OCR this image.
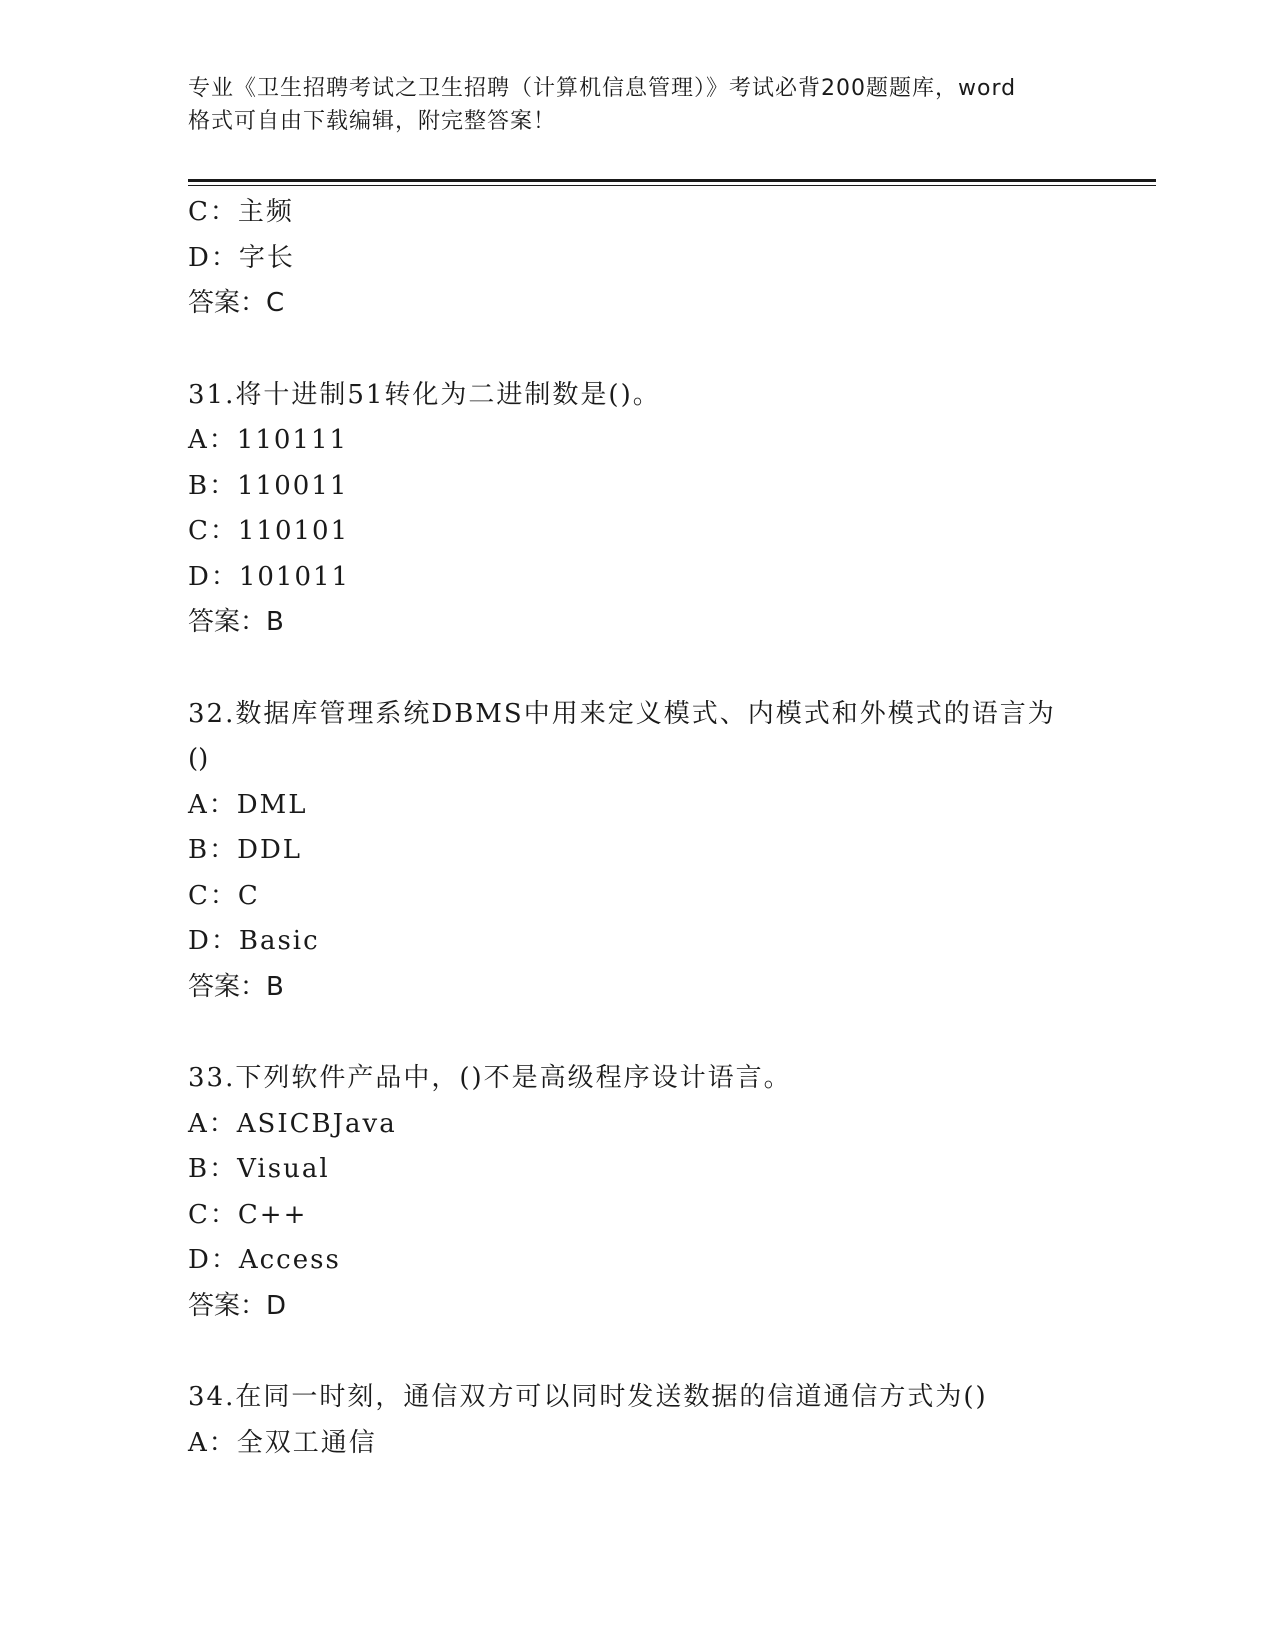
专业《卫生招聘考试之卫生招聘（计算机信息管理）》考试必背200题题库，word
格式可自由下载编辑，附完整答案！
C：主频
D：字长
答案：C
31.将十进制51转化为二进制数是()。
A：110111
B：110011
C：110101
D：101011
答案：B
32.数据库管理系统DBMS中用来定义模式、内模式和外模式的语言为
()
A：DML
B：DDL
C：C
D：Basic
答案：B
33.下列软件产品中，()不是高级程序设计语言。
A：ASICBJava
B：Visual
C：C++
D：Access
答案：D
34.在同一时刻，通信双方可以同时发送数据的信道通信方式为()
A：全双工通信
